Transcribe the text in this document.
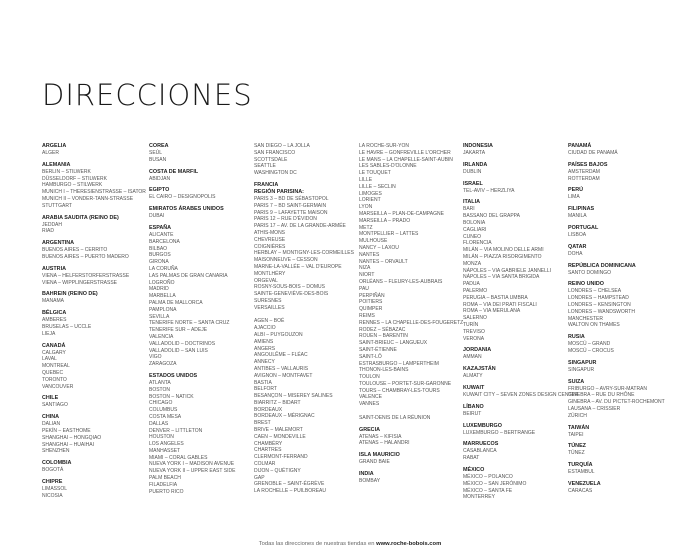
DIRECCIONES
ARGELIA
ALGER
ALEMANIA
BERLIN – STILWERK
DÜSSELDORF – STILWERK
HAMBURGO – STILWERK
MUNICH I – THERESIENSTRASSE – ISATOR
MUNICH II – VONDER-TANN-STRASSE
STUTTGART
ARABIA SAUDITA (REINO DE)
JEDDAH
RIAD
ARGENTINA
BUENOS AIRES – CERRITO
BUENOS AIRES – PUERTO MADERO
AUSTRIA
VIENA – HELFERSTORFERSTRASSE
VIENA – WIPPLINGERSTRASSE
BAHREIN (REINO DE)
MANAMA
BÉLGICA
AMBERES
BRUSELAS – UCCLE
LIEJA
CANADÁ
CALGARY
LAVAL
MONTREAL
QUEBEC
TORONTO
VANCOUVER
CHILE
SANTIAGO
CHINA
DALIAN
PEKÍN – EASTHOME
SHANGHAI – HONGQIAO
SHANGHAI – HUAIHAI
SHENZHEN
COLOMBIA
BOGOTÁ
CHIPRE
LIMASSOL
NICOSIA
COREA
SEÚL
BUSAN
COSTA DE MARFIL
ABIDJAN
EGIPTO
EL CAIRO – DESIGNOPOLIS
EMIRATOS ÁRABES UNIDOS
DUBAI
ESPAÑA
ALICANTE
BARCELONA
BILBAO
BURGOS
GIRONA
LA CORUÑA
LAS PALMAS DE GRAN CANARIA
LOGROÑO
MADRID
MARBELLA
PALMA DE MALLORCA
PAMPLONA
SEVILLA
TENERIFE NORTE – SANTA CRUZ
TENERIFE SUR – ADEJE
VALENCIA
VALLADOLID – DOCTRINOS
VALLADOLID – SAN LUIS
VIGO
ZARAGOZA
ESTADOS UNIDOS
ATLANTA
BOSTON
BOSTON – NATICK
CHICAGO
COLUMBUS
COSTA MESA
DALLAS
DENVER – LITTLETON
HOUSTON
LOS ANGELES
MANHASSET
MIAMI – CORAL GABLES
NUEVA YORK I – MADISON AVENUE
NUEVA YORK II – UPPER EAST SIDE
PALM BEACH
FILADELFIA
PUERTO RICO
SAN DIEGO – LA JOLLA
SAN FRANCISCO
SCOTTSDALE
SEATTLE
WASHINGTON DC
FRANCIA
REGIÓN PARISINA:
PARIS 3 – BD DE SÉBASTOPOL
PARIS 7 – BD SAINT-GERMAIN
PARIS 9 – LAFAYETTE MAISON
PARIS 12 – RUE D'ÉVIDON
PARIS 17 – AV. DE LA GRANDE-ARMÉE
ATHIS-MONS
CHEVREUSE
COIGNIÈRES
HERBLAY – MONTIGNY-LES-CORMEILLES
MAISONNEUVE – CESSON
MARNE-LA-VALLÉE – VAL D'EUROPE
MONTLHÉRY
ORGEVAL
ROSNY-SOUS-BOIS – DOMUS
SAINTE-GENEVIÈVE-DES-BOIS
SURESNES
VERSAILLES

AGEN – BOÉ
AJACCIO
ALBI – PUYGOUZON
AMIENS
ANGERS
ANGOULÊME – FLÉAC
ANNECY
ANTIBES – VALLAURIS
AVIGNON – MONTFAVET
BASTIA
BELFORT
BESANÇON – MISEREY SALINES
BIARRITZ – BIDART
BORDEAUX
BORDEAUX – MÉRIGNAC
BREST
BRIVE – MALEMORT
CAEN – MONDEVILLE
CHAMBÉRY
CHARTRES
CLERMONT-FERRAND
COLMAR
DIJON – QUÉTIGNY
GAP
GRENOBLE – SAINT-ÉGRÈVE
LA ROCHELLE – PUILBOREAU
LA ROCHE-SUR-YON
LE HAVRE – GONFREVILLE L'ORCHER
LE MANS – LA CHAPELLE-SAINT-AUBIN
LES SABLES-D'OLONNE
LE TOUQUET
LILLE
LILLE – SECLIN
LIMOGES
LORIENT
LYON
MARSEILLA – PLAN-DE-CAMPAGNE
MARSEILLA – PRADO
METZ
MONTPELLIER – LATTES
MULHOUSE
NANCY – LAXOU
NANTES
NANTES – ORVAULT
NIZA
NIORT
ORLÉANS – FLEURY-LES-AUBRAIS
PAU
PERPIÑÁN
POITIERS
QUIMPER
REIMS
RENNES – LA CHAPELLE-DES-FOUGERETZ
RODEZ – SÉBAZAC
ROUEN – BARENTIN
SAINT-BRIEUC – LANGUEUX
SAINT-ÉTIENNE
SAINT-LÔ
ESTRASBURGO – LAMPERTHEIM
THONON-LES-BAINS
TOULON
TOULOUSE – PORTET-SUR-GARONNE
TOURS – CHAMBRAY-LES-TOURS
VALENCE
VANNES

SAINT-DENIS DE LA RÉUNION
GRECIA
ATENAS – KIFISIA
ATENAS – HALANDRI
ISLA MAURICIO
GRAND BAIE
INDIA
BOMBAY
INDONESIA
JAKARTA
IRLANDA
DUBLIN
ISRAEL
TEL-AVIV – HERZLIYA
ITALIA
BARI
BASSANO DEL GRAPPA
BOLONIA
CAGLIARI
CUNEO
FLORENCIA
MILÁN – VIA MOLINO DELLE ARMI
MILÁN – PIAZZA RISORGIMENTO
MONZA
NÁPOLES – VIA GABRIELE JANNELLI
NÁPOLES – VIA SANTA BRIGIDA
PADUA
PALERMO
PERUGIA – BASTIA UMBRA
ROMA – VIA DEI PRATI FISCALI
ROMA – VIA MERULANA
SALERNO
TURÍN
TREVISO
VERONA
JORDANIA
AMMAN
KAZAJSTÁN
ALMATY
KUWAIT
KUWAIT CITY – SEVEN ZONES DESIGN CENTER
LÍBANO
BEIRUT
LUXEMBURGO
LUXEMBURGO – BERTRANGE
MARRUECOS
CASABLANCA
RABAT
MÉXICO
MÉXICO – POLANCO
MÉXICO – SAN JERÓNIMO
MÉXICO – SANTA FE
MONTERREY
PANAMÁ
CIUDAD DE PANAMÁ
PAÍSES BAJOS
AMSTERDAM
ROTTERDAM
PERÚ
LIMA
FILIPINAS
MANILA
PORTUGAL
LISBOA
QATAR
DOHA
REPÚBLICA DOMINICANA
SANTO DOMINGO
REINO UNIDO
LONDRES – CHELSEA
LONDRES – HAMPSTEAD
LONDRES – KENSINGTON
LONDRES – WANDSWORTH
MANCHESTER
WALTON ON THAMES
RUSIA
MOSCÚ – GRAND
MOSCÚ – CROCUS
SINGAPUR
SINGAPUR
SUIZA
FRIBURGO – AVRY-SUR-MATRAN
GINEBRA – RUE DU RHÔNE
GINEBRA – AV. DU PICTET-ROCHEMONT
LAUSANA – CRISSIER
ZÚRICH
TAIWÁN
TAIPEI
TÚNEZ
TÚNEZ
TURQUÍA
ESTAMBUL
VENEZUELA
CARACAS
Todas las direcciones de nuestras tiendas en www.roche-bobois.com
